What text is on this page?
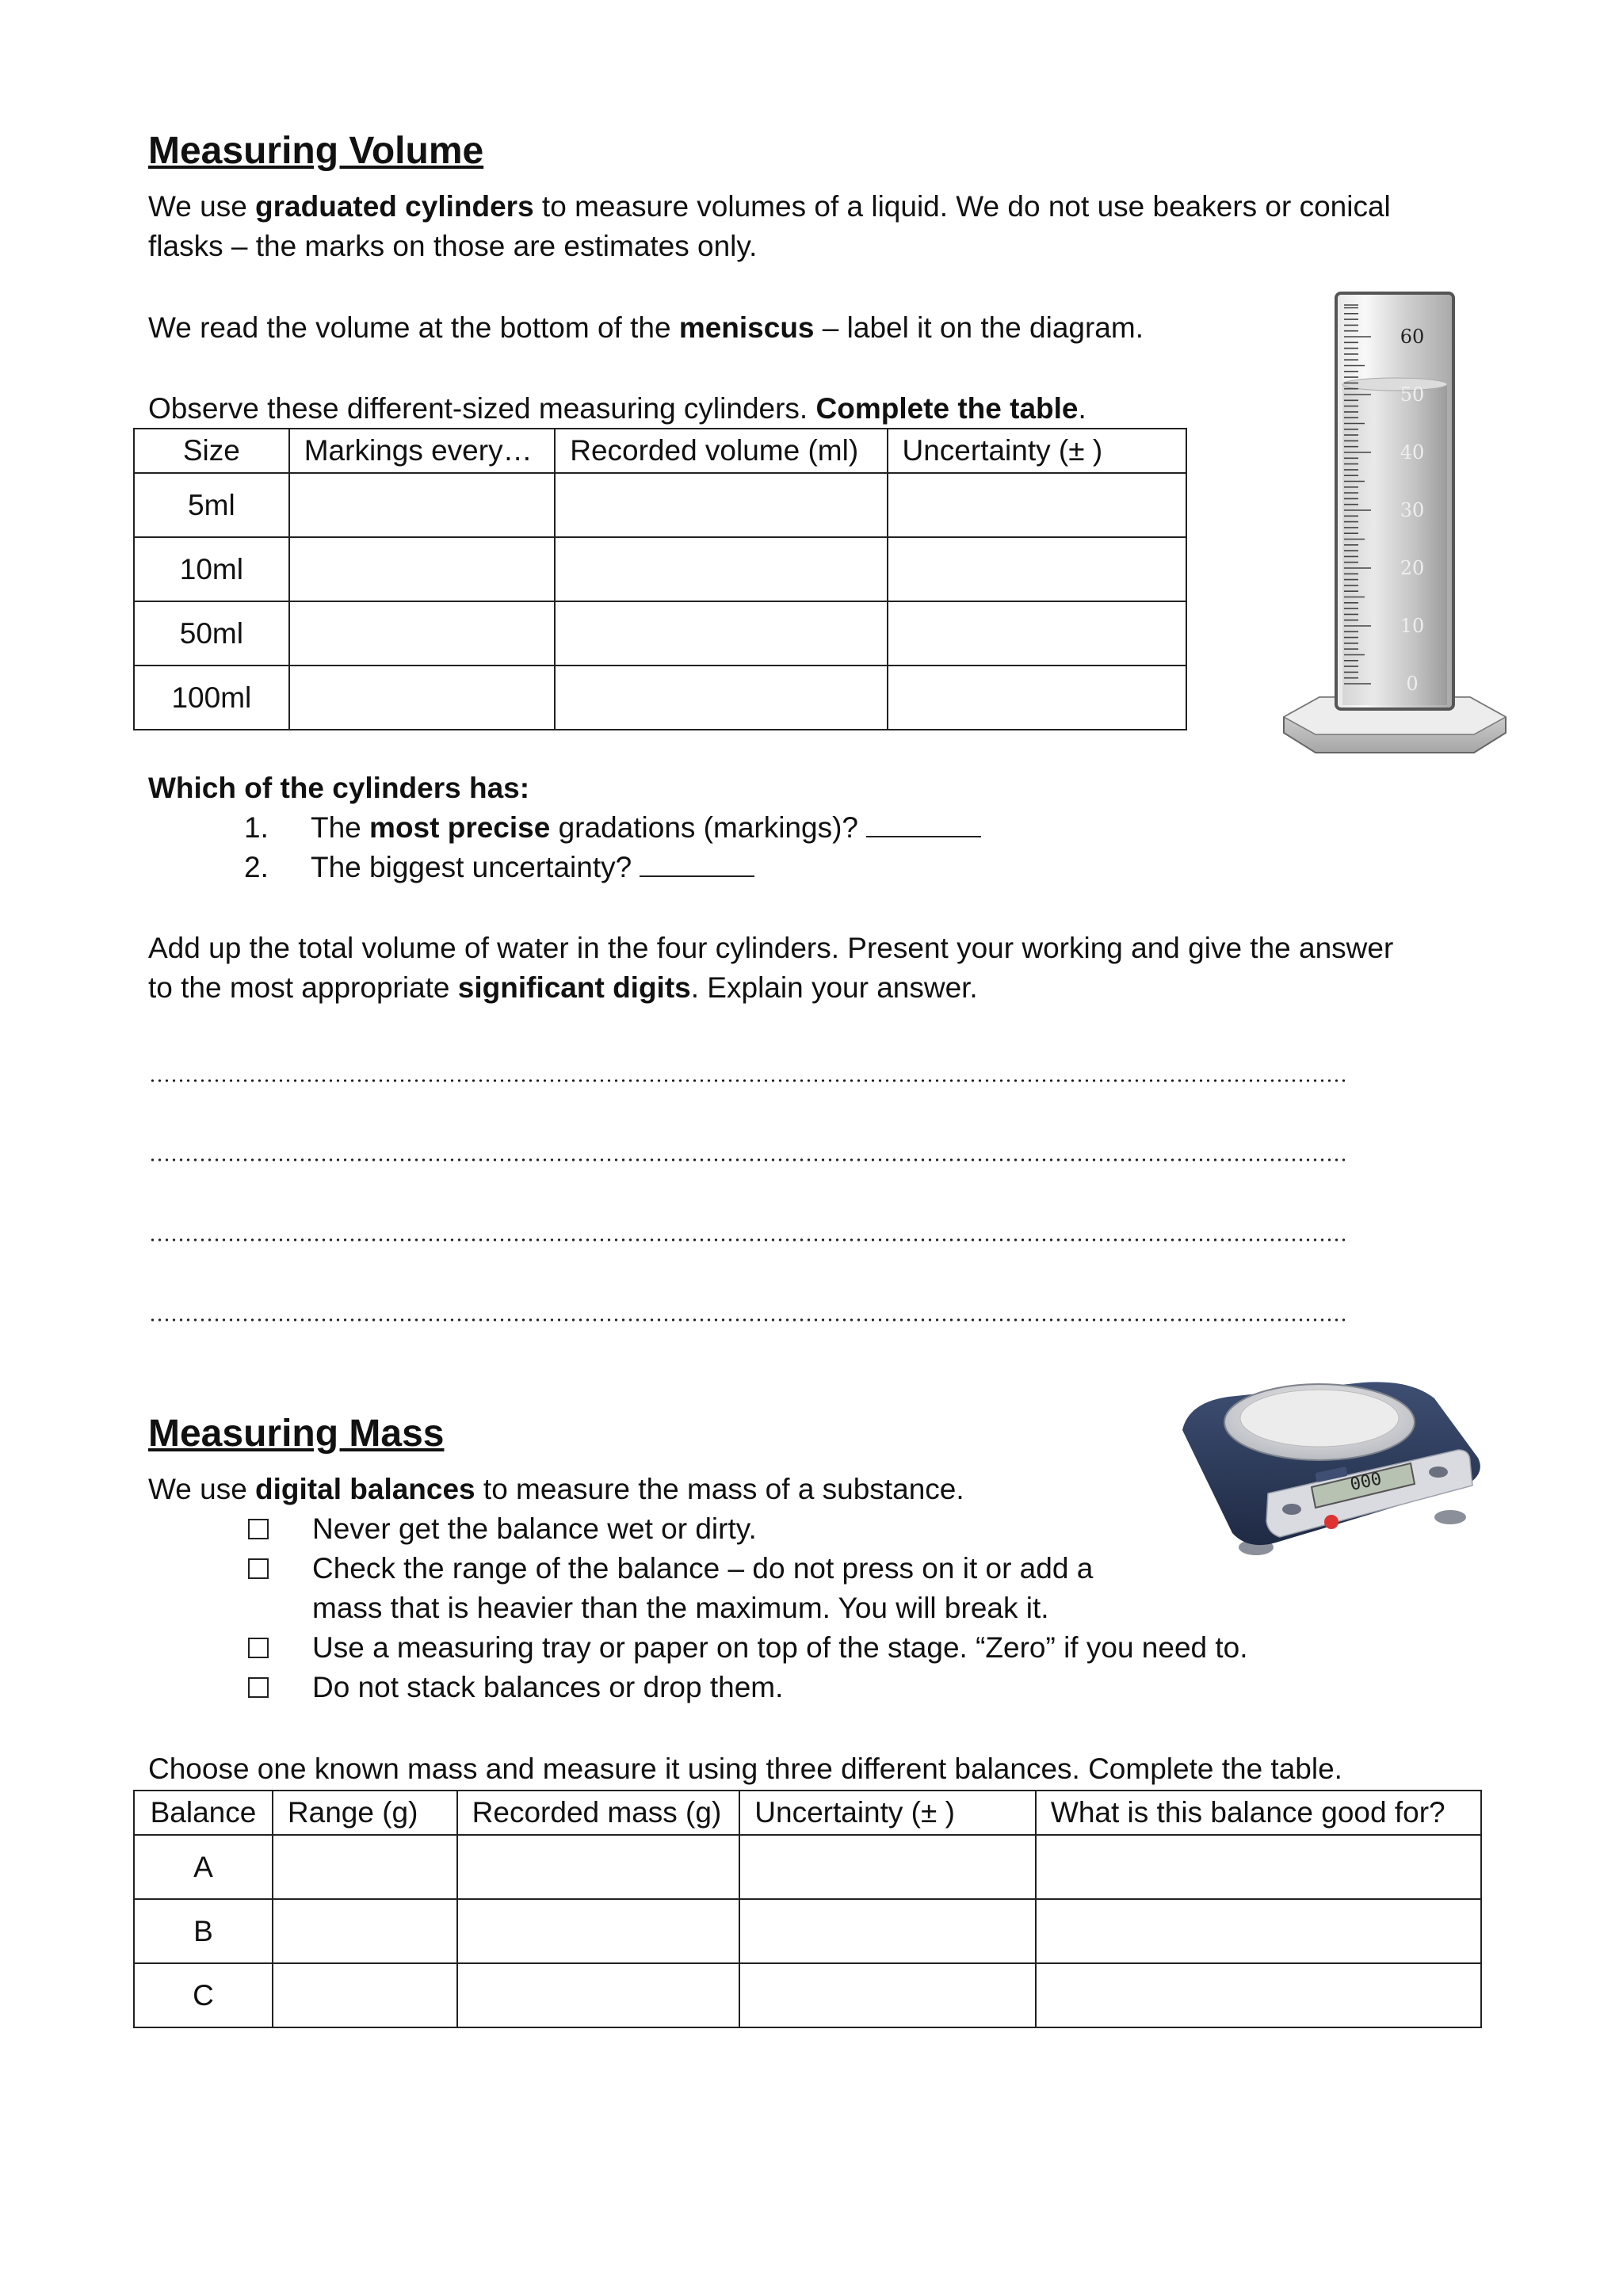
Measuring Volume
We use graduated cylinders to measure volumes of a liquid. We do not use beakers or conical
flasks – the marks on those are estimates only.
We read the volume at the bottom of the meniscus – label it on the diagram.
Observe these different-sized measuring cylinders. Complete the table.
Size	Markings every…	Recorded volume (ml)	Uncertainty (± )
5ml			
10ml			
50ml			
100ml			
60
50
40
30
20
10
0
Which of the cylinders has:
1. The most precise gradations (markings)?
2. The biggest uncertainty?
Add up the total volume of water in the four cylinders. Present your working and give the answer
to the most appropriate significant digits. Explain your answer.
Measuring Mass
We use digital balances to measure the mass of a substance.
Never get the balance wet or dirty.
Check the range of the balance – do not press on it or add a
mass that is heavier than the maximum. You will break it.
Use a measuring tray or paper on top of the stage. “Zero” if you need to.
Do not stack balances or drop them.
000
Choose one known mass and measure it using three different balances. Complete the table.
Balance	Range (g)	Recorded mass (g)	Uncertainty (± )	What is this balance good for?
A				
B				
C				
